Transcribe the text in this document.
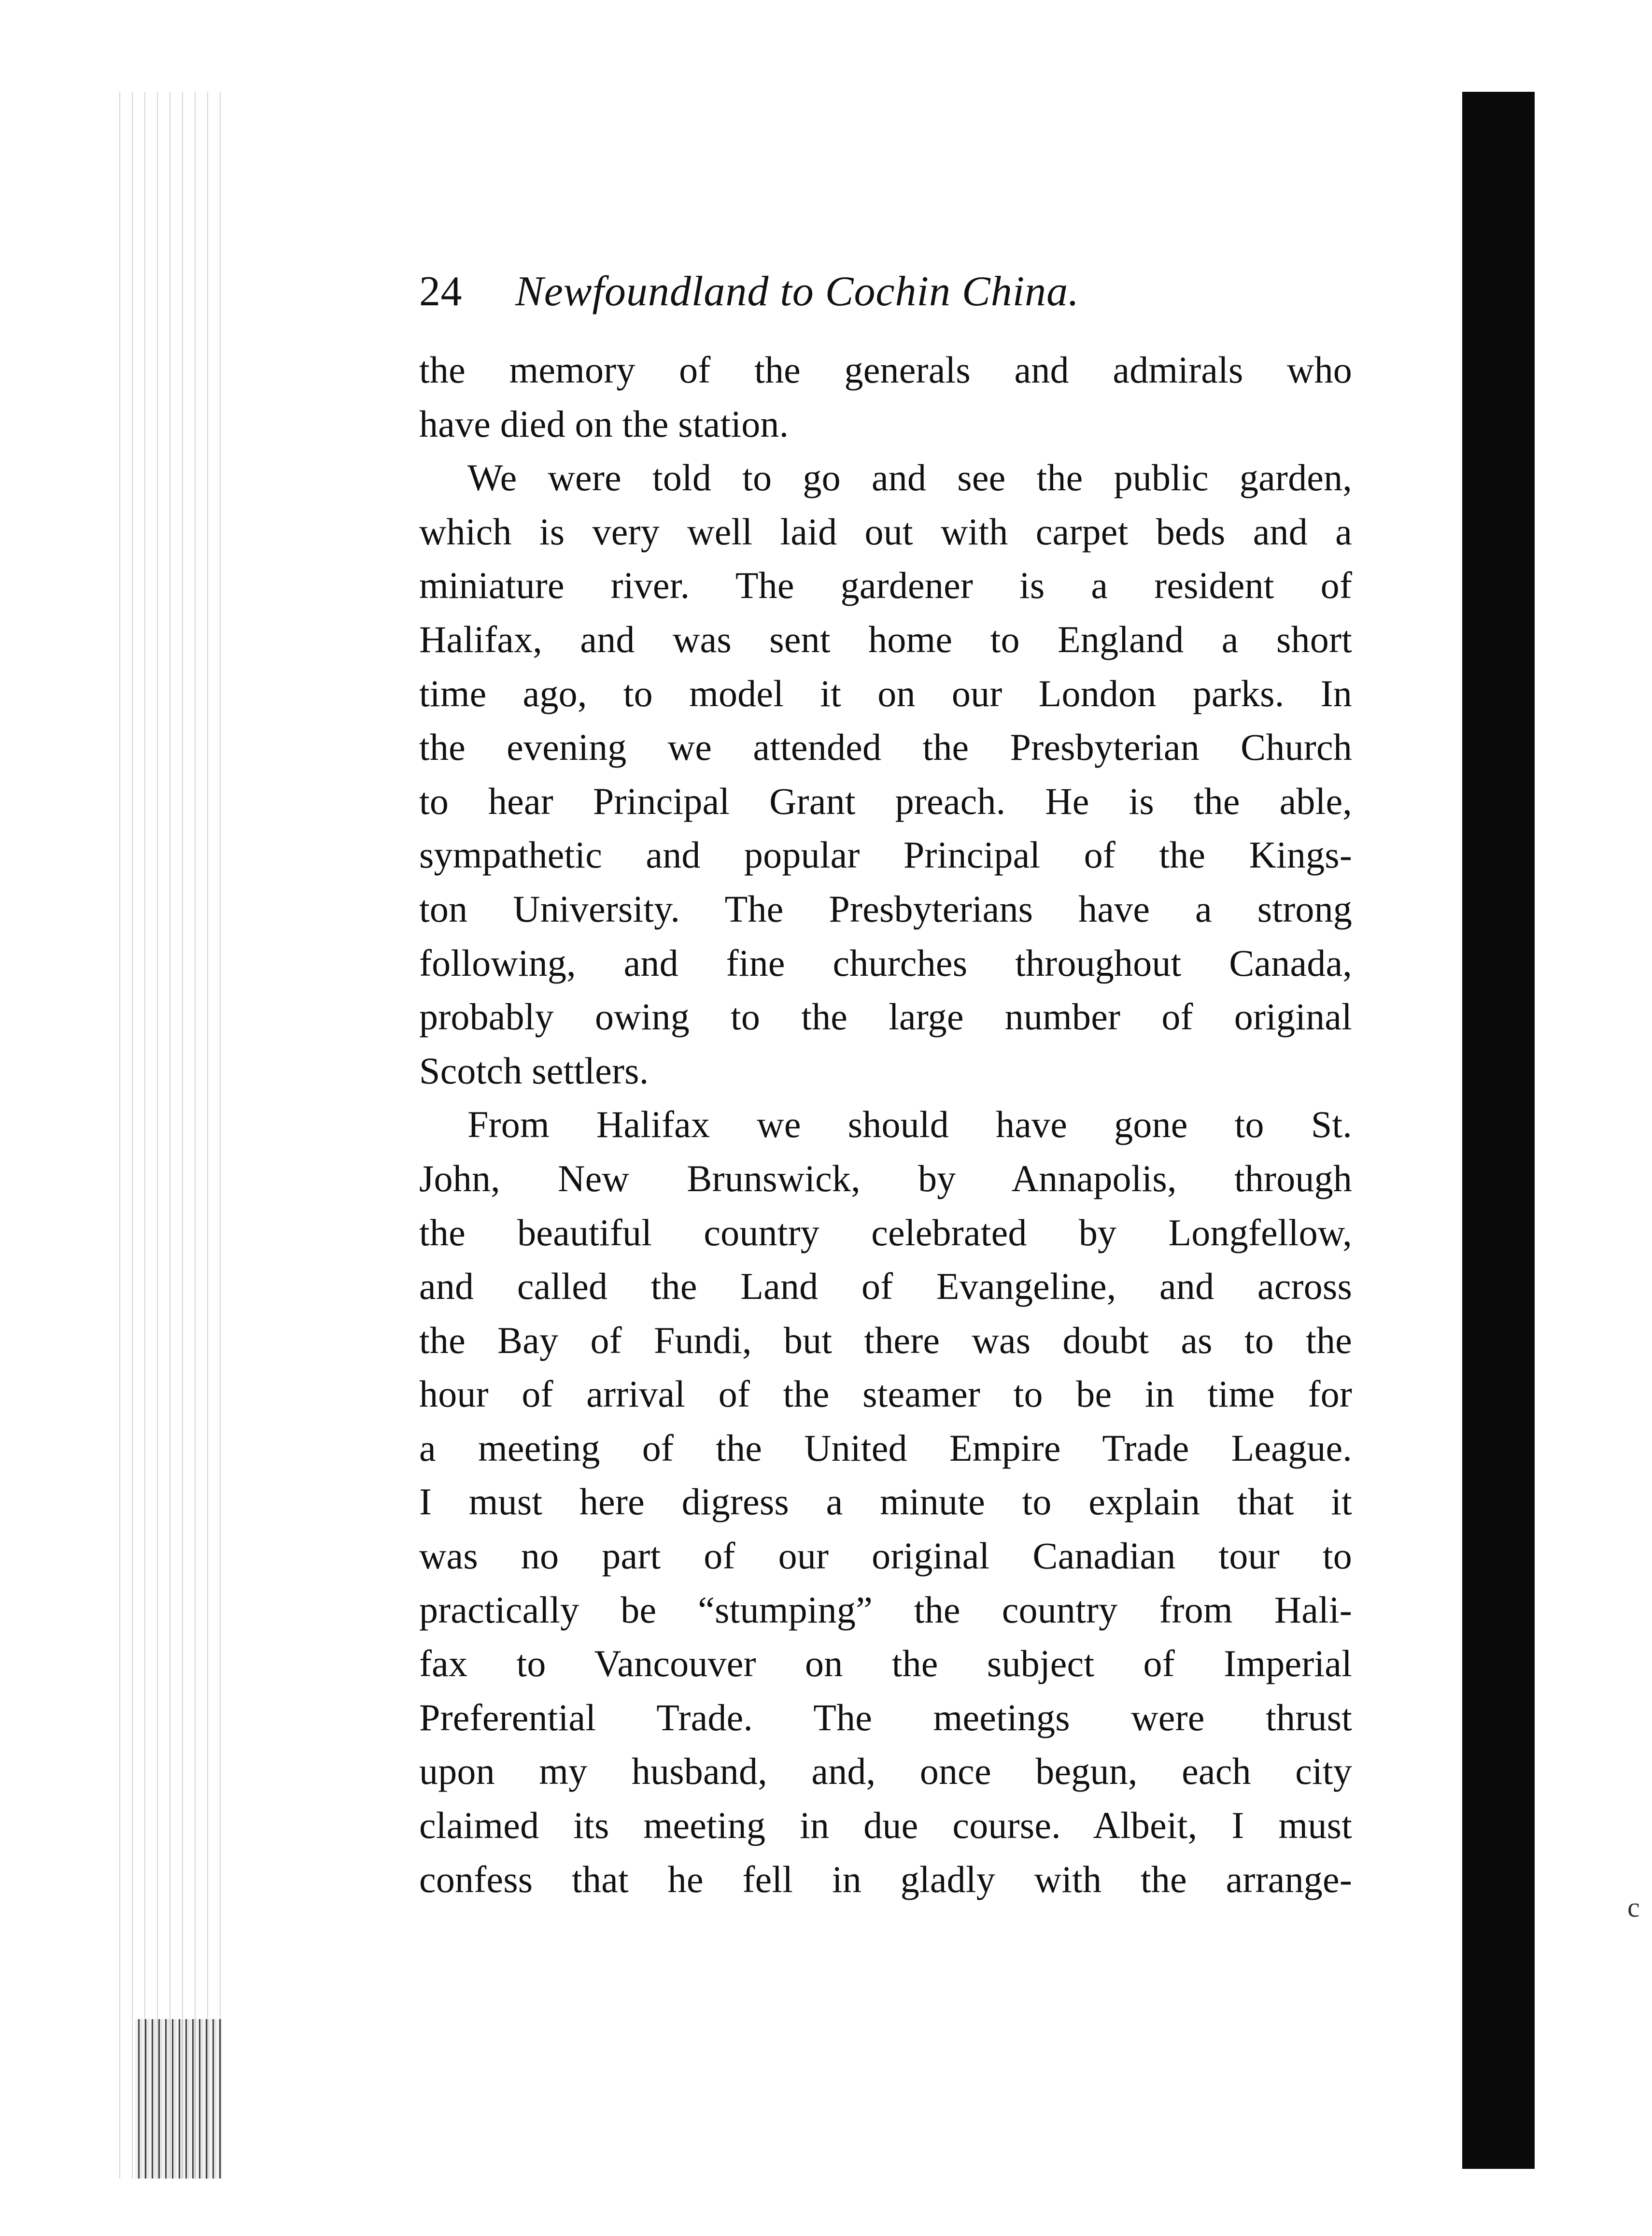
c
24 Newfoundland to Cochin China.
the memory of the generals and admirals who
have died on the station.
We were told to go and see the public garden,
which is very well laid out with carpet beds and a
miniature river. The gardener is a resident of
Halifax, and was sent home to England a short
time ago, to model it on our London parks. In
the evening we attended the Presbyterian Church
to hear Principal Grant preach. He is the able,
sympathetic and popular Principal of the Kings-
ton University. The Presbyterians have a strong
following, and fine churches throughout Canada,
probably owing to the large number of original
Scotch settlers.
From Halifax we should have gone to St.
John, New Brunswick, by Annapolis, through
the beautiful country celebrated by Longfellow,
and called the Land of Evangeline, and across
the Bay of Fundi, but there was doubt as to the
hour of arrival of the steamer to be in time for
a meeting of the United Empire Trade League.
I must here digress a minute to explain that it
was no part of our original Canadian tour to
practically be “stumping” the country from Hali-
fax to Vancouver on the subject of Imperial
Preferential Trade. The meetings were thrust
upon my husband, and, once begun, each city
claimed its meeting in due course. Albeit, I must
confess that he fell in gladly with the arrange-
